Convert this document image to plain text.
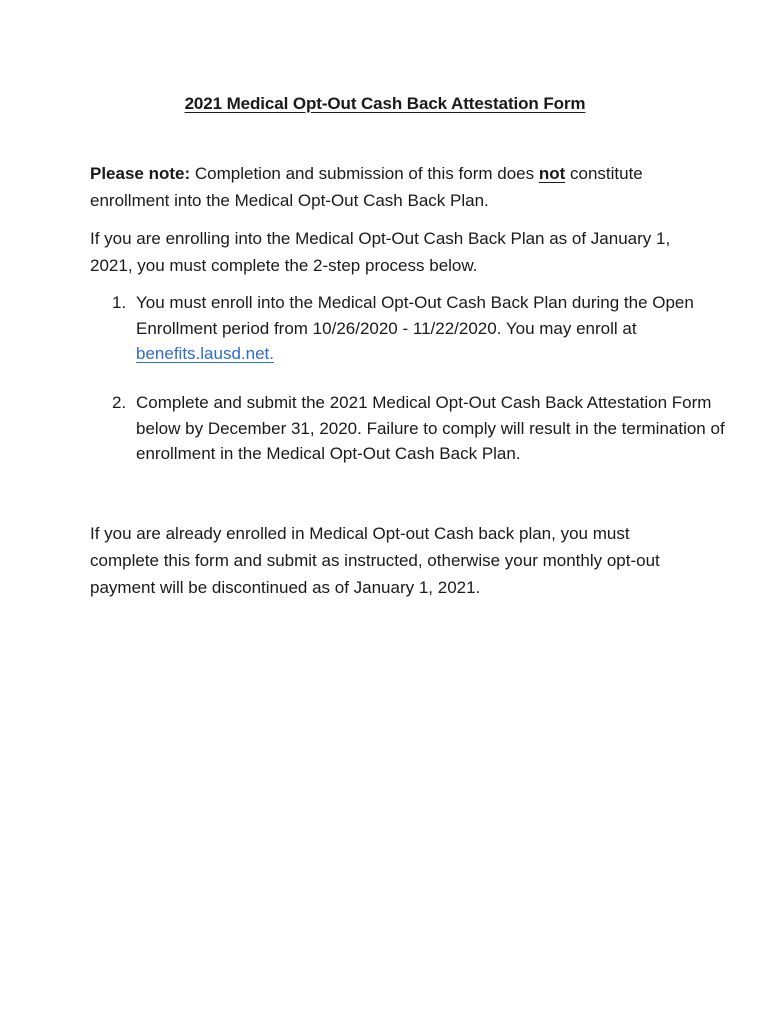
2021 Medical Opt-Out Cash Back Attestation Form
Please note: Completion and submission of this form does not constitute enrollment into the Medical Opt-Out Cash Back Plan.
If you are enrolling into the Medical Opt-Out Cash Back Plan as of January 1, 2021, you must complete the 2-step process below.
1. You must enroll into the Medical Opt-Out Cash Back Plan during the Open Enrollment period from 10/26/2020 - 11/22/2020. You may enroll at benefits.lausd.net.
2. Complete and submit the 2021 Medical Opt-Out Cash Back Attestation Form below by December 31, 2020. Failure to comply will result in the termination of enrollment in the Medical Opt-Out Cash Back Plan.
If you are already enrolled in Medical Opt-out Cash back plan, you must complete this form and submit as instructed, otherwise your monthly opt-out payment will be discontinued as of January 1, 2021.
